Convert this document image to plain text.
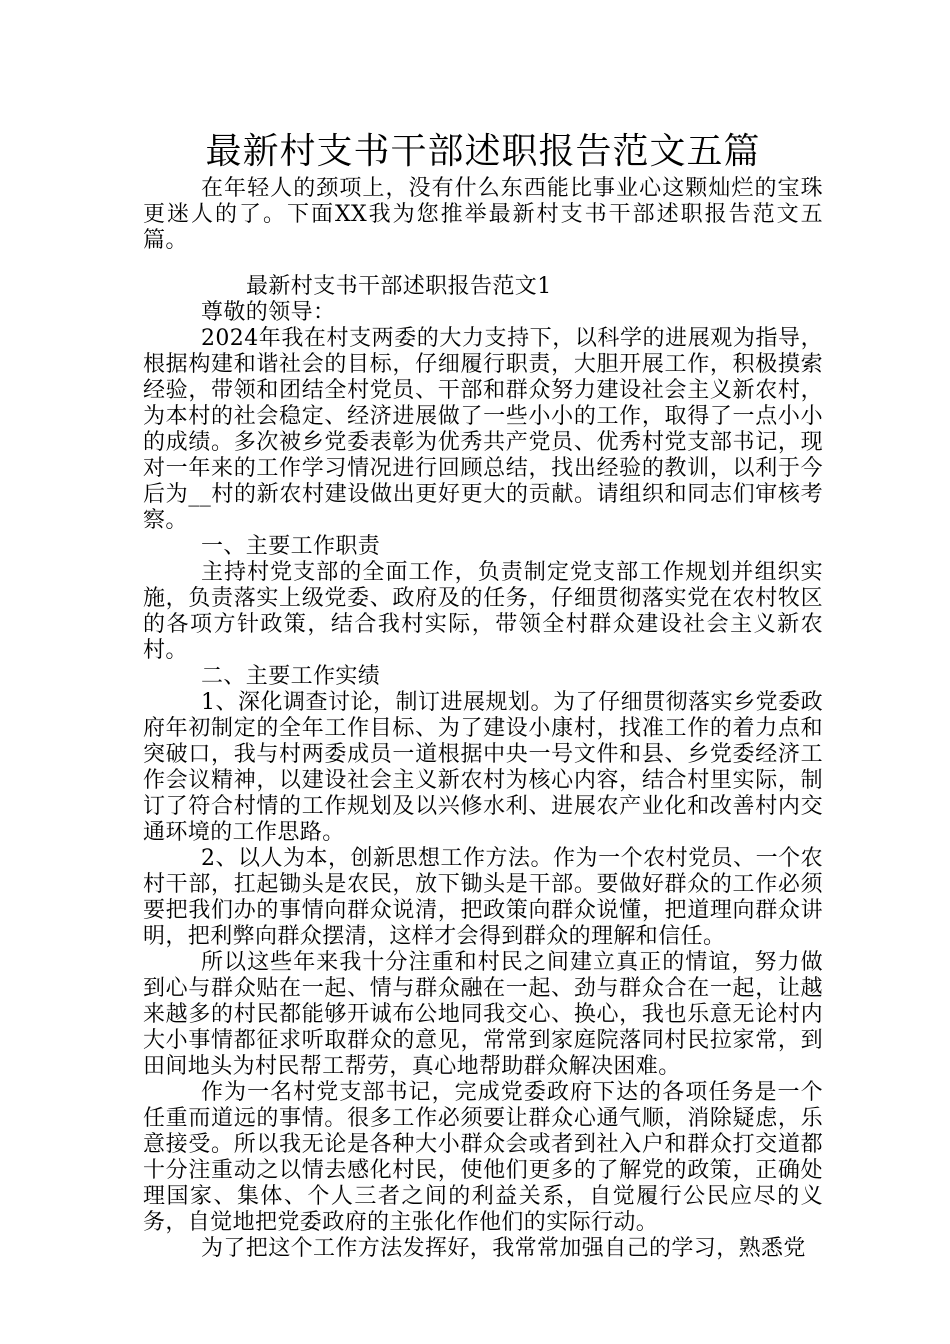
最新村支书干部述职报告范文五篇

在年轻人的颈项上，没有什么东西能比事业心这颗灿烂的宝珠更迷人的了。下面XX我为您推举最新村支书干部述职报告范文五篇。

最新村支书干部述职报告范文1

尊敬的领导：

2024年我在村支两委的大力支持下，以科学的进展观为指导，根据构建和谐社会的目标，仔细履行职责，大胆开展工作，积极摸索经验，带领和团结全村党员、干部和群众努力建设社会主义新农村，为本村的社会稳定、经济进展做了一些小小的工作，取得了一点小小的成绩。多次被乡党委表彰为优秀共产党员、优秀村党支部书记，现对一年来的工作学习情况进行回顾总结，找出经验的教训，以利于今后为__村的新农村建设做出更好更大的贡献。请组织和同志们审核考察。

一、主要工作职责

主持村党支部的全面工作，负责制定党支部工作规划并组织实施，负责落实上级党委、政府及的任务，仔细贯彻落实党在农村牧区的各项方针政策，结合我村实际，带领全村群众建设社会主义新农村。

二、主要工作实绩

1、深化调查讨论，制订进展规划。为了仔细贯彻落实乡党委政府年初制定的全年工作目标、为了建设小康村，找准工作的着力点和突破口，我与村两委成员一道根据中央一号文件和县、乡党委经济工作会议精神，以建设社会主义新农村为核心内容，结合村里实际，制订了符合村情的工作规划及以兴修水利、进展农产业化和改善村内交通环境的工作思路。

2、以人为本，创新思想工作方法。作为一个农村党员、一个农村干部，扛起锄头是农民，放下锄头是干部。要做好群众的工作必须要把我们办的事情向群众说清，把政策向群众说懂，把道理向群众讲明，把利弊向群众摆清，这样才会得到群众的理解和信任。

所以这些年来我十分注重和村民之间建立真正的情谊，努力做到心与群众贴在一起、情与群众融在一起、劲与群众合在一起，让越来越多的村民都能够开诚布公地同我交心、换心，我也乐意无论村内大小事情都征求听取群众的意见，常常到家庭院落同村民拉家常，到田间地头为村民帮工帮劳，真心地帮助群众解决困难。

作为一名村党支部书记，完成党委政府下达的各项任务是一个任重而道远的事情。很多工作必须要让群众心通气顺，消除疑虑，乐意接受。所以我无论是各种大小群众会或者到社入户和群众打交道都十分注重动之以情去感化村民，使他们更多的了解党的政策，正确处理国家、集体、个人三者之间的利益关系，自觉履行公民应尽的义务，自觉地把党委政府的主张化作他们的实际行动。

为了把这个工作方法发挥好，我常常加强自己的学习，熟悉党
